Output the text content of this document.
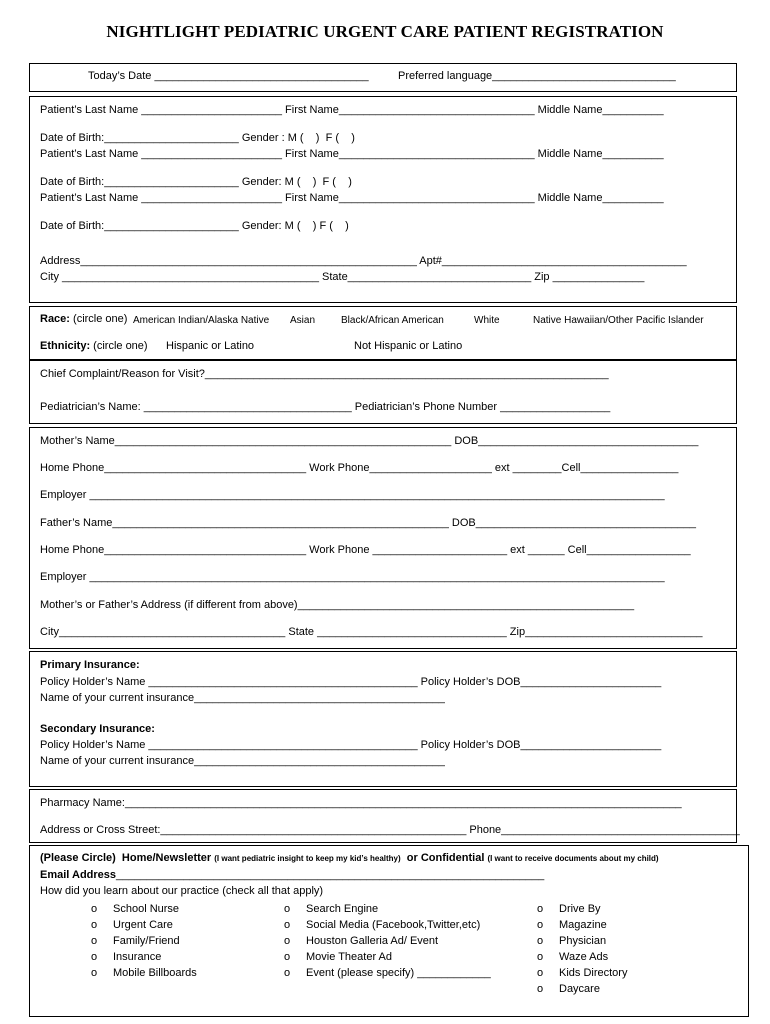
NIGHTLIGHT PEDIATRIC URGENT CARE PATIENT REGISTRATION
Today’s Date ___________________________________	Preferred language______________________________
Patient’s Last Name _______________________ First Name________________________________ Middle Name__________
Date of Birth:______________________ Gender : M (    )  F (    )
Patient’s Last Name _______________________ First Name________________________________ Middle Name__________
Date of Birth:______________________ Gender: M (    )  F (    )
Patient’s Last Name _______________________ First Name________________________________ Middle Name__________
Date of Birth:______________________ Gender: M (    ) F (    )
Address_______________________________________________________ Apt#________________________________________
City __________________________________________ State______________________________ Zip _______________
Race: (circle one) American Indian/Alaska Native Asian	Black/African American	White	Native Hawaiian/Other Pacific Islander
Ethnicity: (circle one) Hispanic or Latino	Not Hispanic or Latino
Chief Complaint/Reason for Visit?__________________________________________________________________
Pediatrician’s Name: __________________________________ Pediatrician’s Phone Number __________________
Mother’s Name_______________________________________________________ DOB____________________________________
Home Phone_________________________________ Work Phone____________________ ext ________Cell________________
Employer ______________________________________________________________________________________________
Father’s Name_______________________________________________________ DOB____________________________________
Home Phone_________________________________ Work Phone ______________________ ext ______ Cell_________________
Employer ______________________________________________________________________________________________
Mother’s or Father’s Address (if different from above)_______________________________________________________
City_____________________________________ State _______________________________ Zip_____________________________
Primary Insurance:
Policy Holder’s Name ____________________________________________ Policy Holder’s DOB_______________________
Name of your current insurance_________________________________________
Secondary Insurance:
Policy Holder’s Name ____________________________________________ Policy Holder’s DOB_______________________
Name of your current insurance_________________________________________
Pharmacy Name:___________________________________________________________________________________________
Address or Cross Street:__________________________________________________ Phone_______________________________________
(Please Circle)  Home/Newsletter (I want pediatric insight to keep my kid’s healthy)  or Confidential (I want to receive documents about my child)
Email Address______________________________________________________________________
How did you learn about our practice (check all that apply)
o School Nurse
o Urgent Care
o Family/Friend
o Insurance
o Mobile Billboards
o Search Engine
o Social Media (Facebook,Twitter,etc)
o Houston Galleria Ad/ Event
o Movie Theater Ad
o Event (please specify) ____________
o Drive By
o Magazine
o Physician
o Waze Ads
o Kids Directory
o Daycare
